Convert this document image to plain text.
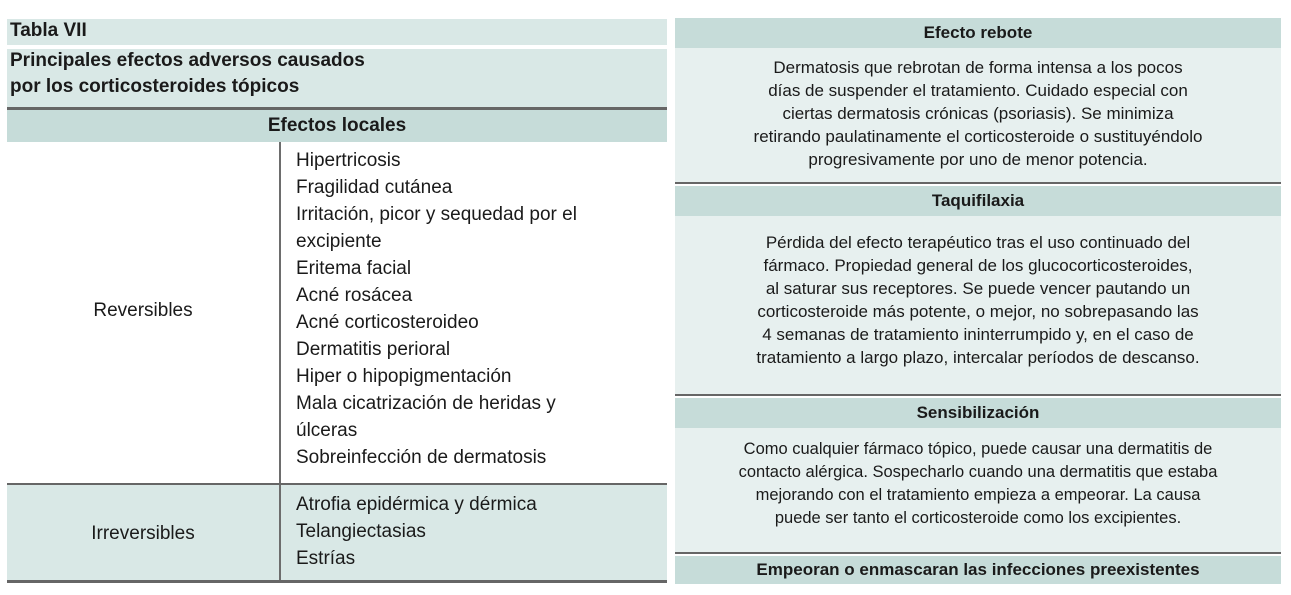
Tabla VII
Principales efectos adversos causados
por los corticosteroides tópicos
Efectos locales
Reversibles
Hipertricosis
Fragilidad cutánea
Irritación, picor y sequedad por el
excipiente
Eritema facial
Acné rosácea
Acné corticosteroideo
Dermatitis perioral
Hiper o hipopigmentación
Mala cicatrización de heridas y
úlceras
Sobreinfección de dermatosis
Irreversibles
Atrofia epidérmica y dérmica
Telangiectasias
Estrías
Efecto rebote

Dermatosis que rebrotan de forma intensa a los pocos

días de suspender el tratamiento. Cuidado especial con

ciertas dermatosis crónicas (psoriasis). Se minimiza

retirando paulatinamente el corticosteroide o sustituyéndolo

progresivamente por uno de menor potencia.

Taquifilaxia

Pérdida del efecto terapéutico tras el uso continuado del

fármaco. Propiedad general de los glucocorticosteroides,

al saturar sus receptores. Se puede vencer pautando un

corticosteroide más potente, o mejor, no sobrepasando las

4 semanas de tratamiento ininterrumpido y, en el caso de

tratamiento a largo plazo, intercalar períodos de descanso.

Sensibilización

Como cualquier fármaco tópico, puede causar una dermatitis de

contacto alérgica. Sospecharlo cuando una dermatitis que estaba

mejorando con el tratamiento empieza a empeorar. La causa

puede ser tanto el corticosteroide como los excipientes.

Empeoran o enmascaran las infecciones preexistentes
